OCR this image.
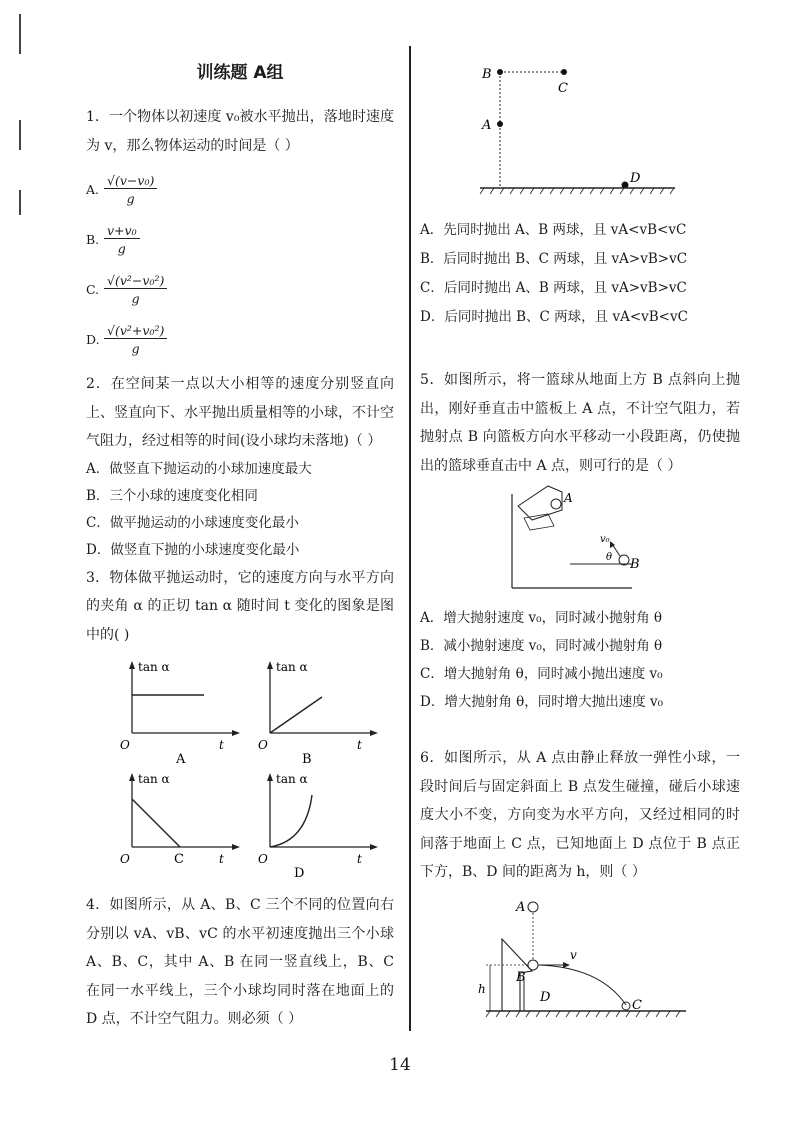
训练题 A组
1．一个物体以初速度 v₀被水平抛出，落地时速度为 v，那么物体运动的时间是（ ）
A. $\frac{\text{√(v−v₀)}}{g}$
B. $\frac{\text{v+v₀}}{g}$
C. $\frac{\text{√(v²−v₀²)}}{g}$
D. $\frac{\text{√(v²+v₀²)}}{g}$
2．在空间某一点以大小相等的速度分别竖直向上、竖直向下、水平抛出质量相等的小球，不计空气阻力，经过相等的时间(设小球均未落地)（ ）
A．做竖直下抛运动的小球加速度最大
B．三个小球的速度变化相同
C．做平抛运动的小球速度变化最小
D．做竖直下抛的小球速度变化最小
3．物体做平抛运动时，它的速度方向与水平方向的夹角 α 的正切 tan α 随时间 t 变化的图象是图中的( )
tan α
t
O
A
tan α
t
O
B
tan α
t
O	C
tan α
t
O
D
4．如图所示，从 A、B、C 三个不同的位置向右分别以 vA、vB、vC 的水平初速度抛出三个小球 A、B、C，其中 A、B 在同一竖直线上，B、C 在同一水平线上，三个小球均同时落在地面上的 D 点，不计空气阻力。则必须（ ）
B
C
A
D
A．先同时抛出 A、B 两球，且 vA<vB<vC
B．后同时抛出 B、C 两球，且 vA>vB>vC
C．后同时抛出 A、B 两球，且 vA>vB>vC
D．后同时抛出 B、C 两球，且 vA<vB<vC
5．如图所示，将一篮球从地面上方 B 点斜向上抛出，刚好垂直击中篮板上 A 点，不计空气阻力，若抛射点 B 向篮板方向水平移动一小段距离，仍使抛出的篮球垂直击中 A 点，则可行的是（ ）
A
B
v₀
θ
A．增大抛射速度 v₀，同时减小抛射角 θ
B．减小抛射速度 v₀，同时减小抛射角 θ
C．增大抛射角 θ，同时减小抛出速度 v₀
D．增大抛射角 θ，同时增大抛出速度 v₀
6．如图所示，从 A 点由静止释放一弹性小球，一段时间后与固定斜面上 B 点发生碰撞，碰后小球速度大小不变，方向变为水平方向，又经过相同的时间落于地面上 C 点，已知地面上 D 点位于 B 点正下方，B、D 间的距离为 h，则（ ）
A
B
v
h
D
C
14
